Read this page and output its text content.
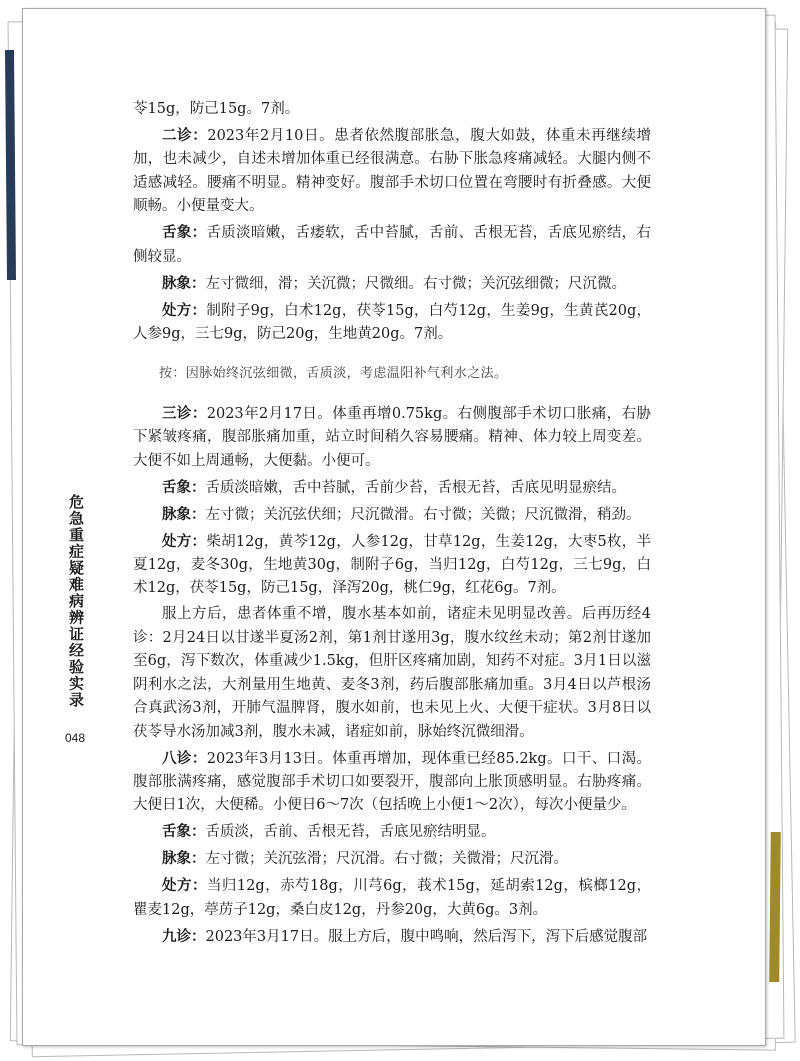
危急重症疑难病辨证经验实录
048

苓15g，防己15g。7剂。

二诊：2023年2月10日。患者依然腹部胀急，腹大如鼓，体重未再继续增加，也未减少，自述未增加体重已经很满意。右胁下胀急疼痛减轻。大腿内侧不适感减轻。腰痛不明显。精神变好。腹部手术切口位置在弯腰时有折叠感。大便顺畅。小便量变大。

舌象：舌质淡暗嫩，舌痿软，舌中苔腻，舌前、舌根无苔，舌底见瘀结，右侧较显。

脉象：左寸微细，滑；关沉微；尺微细。右寸微；关沉弦细微；尺沉微。

处方：制附子9g，白术12g，茯苓15g，白芍12g，生姜9g，生黄芪20g，人参9g，三七9g，防己20g，生地黄20g。7剂。

按：因脉始终沉弦细微，舌质淡，考虑温阳补气利水之法。

三诊：2023年2月17日。体重再增0.75kg。右侧腹部手术切口胀痛，右胁下紧皱疼痛，腹部胀痛加重，站立时间稍久容易腰痛。精神、体力较上周变差。大便不如上周通畅，大便黏。小便可。

舌象：舌质淡暗嫩，舌中苔腻，舌前少苔，舌根无苔，舌底见明显瘀结。

脉象：左寸微；关沉弦伏细；尺沉微滑。右寸微；关微；尺沉微滑，稍劲。

处方：柴胡12g，黄芩12g，人参12g，甘草12g，生姜12g，大枣5枚，半夏12g，麦冬30g，生地黄30g，制附子6g，当归12g，白芍12g，三七9g，白术12g，茯苓15g，防己15g，泽泻20g，桃仁9g，红花6g。7剂。

服上方后，患者体重不增，腹水基本如前，诸症未见明显改善。后再历经4诊：2月24日以甘遂半夏汤2剂，第1剂甘遂用3g，腹水纹丝未动；第2剂甘遂加至6g，泻下数次，体重减少1.5kg，但肝区疼痛加剧，知药不对症。3月1日以滋阴利水之法，大剂量用生地黄、麦冬3剂，药后腹部胀痛加重。3月4日以芦根汤合真武汤3剂，开肺气温脾肾，腹水如前，也未见上火、大便干症状。3月8日以茯苓导水汤加减3剂，腹水未减，诸症如前，脉始终沉微细滑。

八诊：2023年3月13日。体重再增加，现体重已经85.2kg。口干、口渴。腹部胀满疼痛，感觉腹部手术切口如要裂开，腹部向上胀顶感明显。右胁疼痛。大便日1次，大便稀。小便日6～7次（包括晚上小便1～2次），每次小便量少。

舌象：舌质淡，舌前、舌根无苔，舌底见瘀结明显。

脉象：左寸微；关沉弦滑；尺沉滑。右寸微；关微滑；尺沉滑。

处方：当归12g，赤芍18g，川芎6g，莪术15g，延胡索12g，槟榔12g，瞿麦12g，葶苈子12g，桑白皮12g，丹参20g，大黄6g。3剂。

九诊：2023年3月17日。服上方后，腹中鸣响，然后泻下，泻下后感觉腹部
